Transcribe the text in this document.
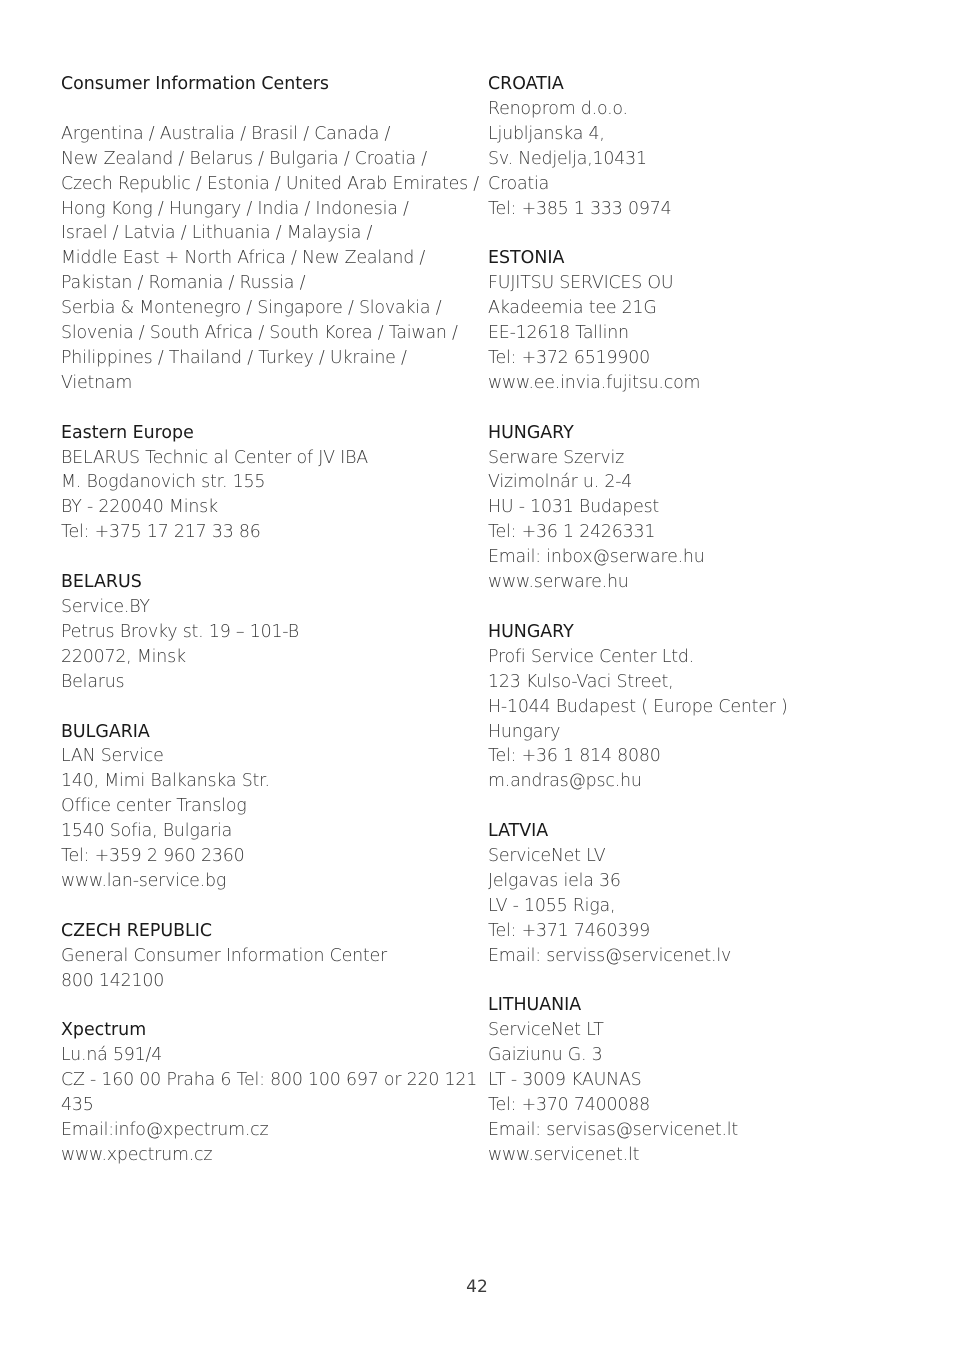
Consumer Information Centers
Argentina / Australia / Brasil / Canada /
New Zealand / Belarus / Bulgaria / Croatia /
Czech Republic / Estonia / United Arab Emirates /
Hong Kong / Hungary / India / Indonesia /
Israel / Latvia / Lithuania / Malaysia /
Middle East + North Africa / New Zealand /
Pakistan / Romania / Russia /
Serbia & Montenegro / Singapore / Slovakia /
Slovenia / South Africa / South Korea / Taiwan /
Philippines / Thailand / Turkey / Ukraine /
Vietnam
Eastern Europe
BELARUS Technic al Center of JV IBA
M. Bogdanovich str. 155
BY - 220040 Minsk
Tel: +375 17 217 33 86
BELARUS
Service.BY
Petrus Brovky st. 19 – 101-B
220072, Minsk
Belarus
BULGARIA
LAN Service
140, Mimi Balkanska Str.
Office center Translog
1540 Sofia, Bulgaria
Tel: +359 2 960 2360
www.lan-service.bg
CZECH REPUBLIC
General Consumer Information Center
800 142100
Xpectrum
Lu.ná 591/4
CZ - 160 00 Praha 6 Tel: 800 100 697 or 220 121
435
Email:info@xpectrum.cz
www.xpectrum.cz
CROATIA
Renoprom d.o.o.
Ljubljanska 4,
Sv. Nedjelja,10431
Croatia
Tel: +385 1 333 0974
ESTONIA
FUJITSU SERVICES OU
Akadeemia tee 21G
EE-12618 Tallinn
Tel: +372 6519900
www.ee.invia.fujitsu.com
HUNGARY
Serware Szerviz
Vizimolnár u. 2-4
HU - 1031 Budapest
Tel: +36 1 2426331
Email: inbox@serware.hu
www.serware.hu
HUNGARY
Profi Service Center Ltd.
123 Kulso-Vaci Street,
H-1044 Budapest ( Europe Center )
Hungary
Tel: +36 1 814 8080
m.andras@psc.hu
LATVIA
ServiceNet LV
Jelgavas iela 36
LV - 1055 Riga,
Tel: +371 7460399
Email: serviss@servicenet.lv
LITHUANIA
ServiceNet LT
Gaiziunu G. 3
LT - 3009 KAUNAS
Tel: +370 7400088
Email: servisas@servicenet.lt
www.servicenet.lt
42
